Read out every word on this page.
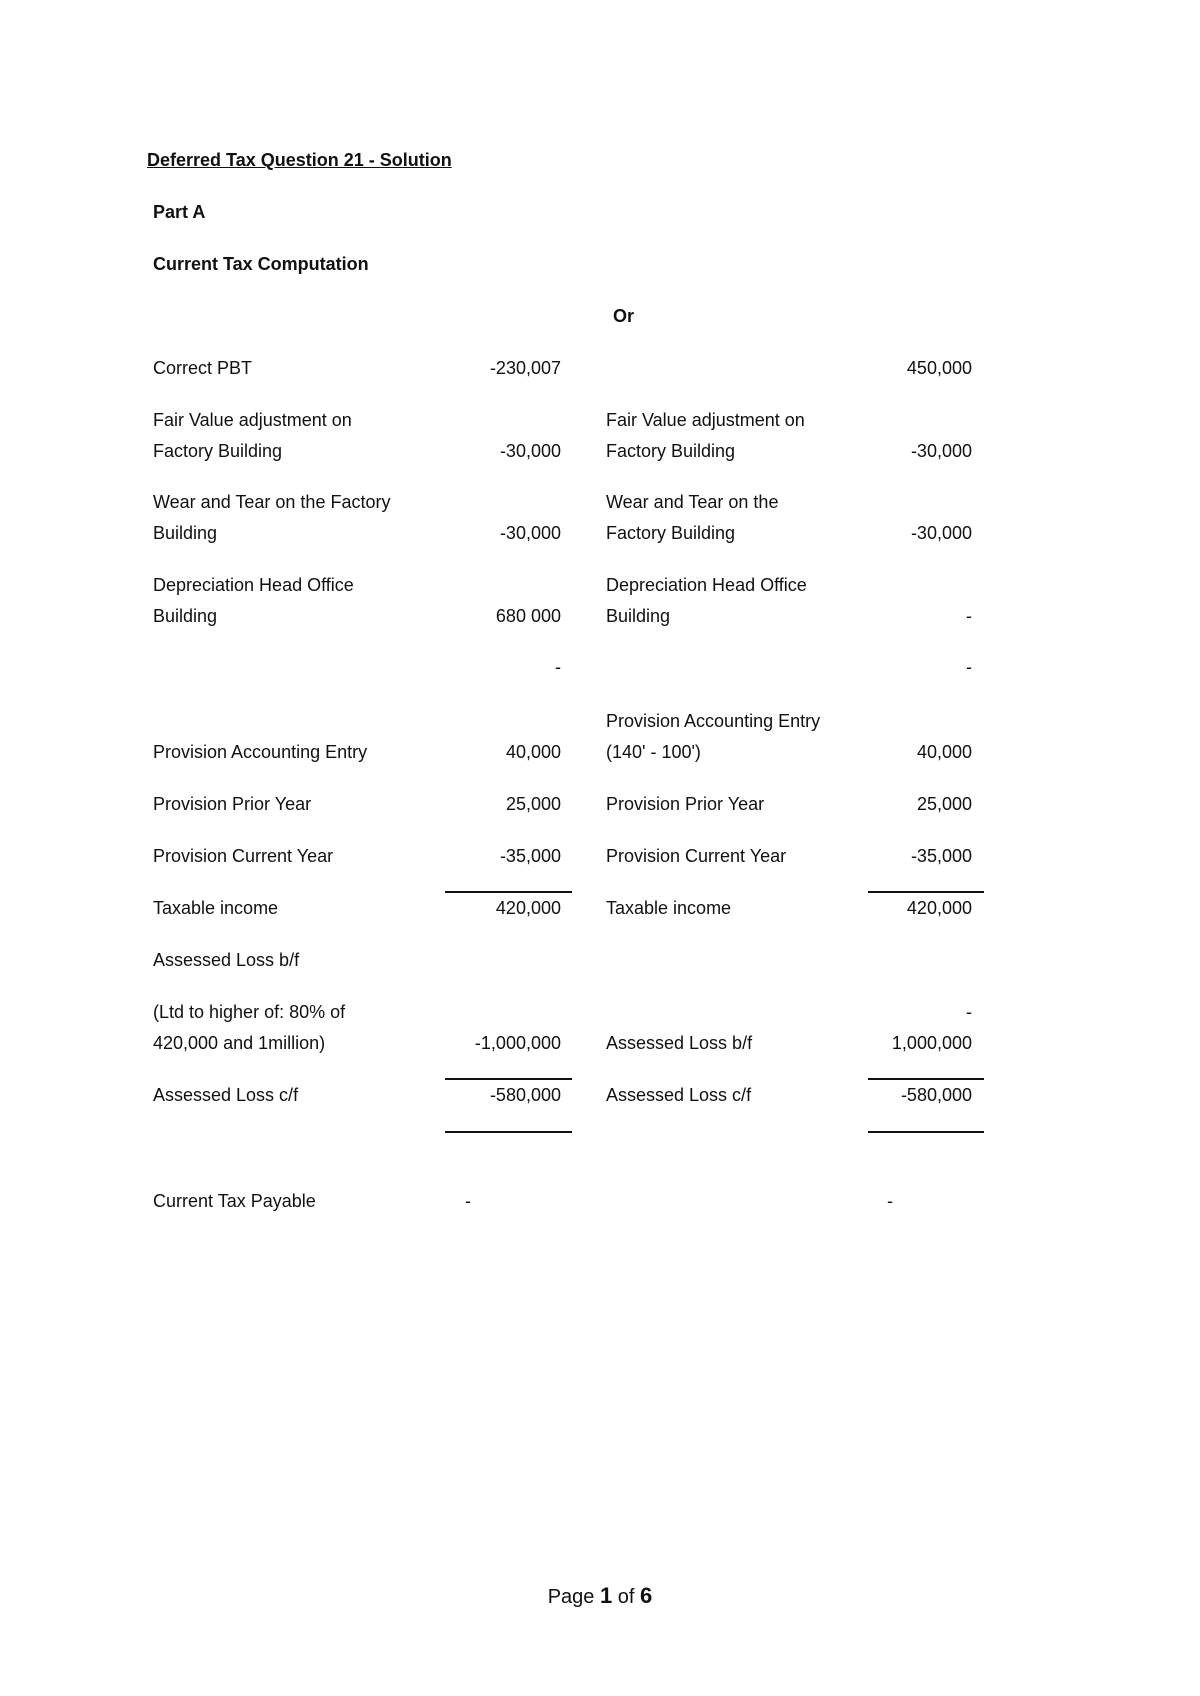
Deferred Tax Question 21 - Solution
Part A
Current Tax Computation
Or
Correct PBT
Fair Value adjustment on
Factory Building
Wear and Tear on the Factory
Building
Depreciation Head Office
Building
Provision Accounting Entry
Provision Prior Year
Provision Current Year
Taxable income
Assessed Loss b/f
(Ltd to higher of: 80% of
420,000 and 1million)
Assessed Loss c/f
Current Tax Payable
-230,007
-30,000
-30,000
680 000
-
40,000
25,000
-35,000
420,000
-1,000,000
-580,000
-
Fair Value adjustment on
Factory Building
Wear and Tear on the
Factory Building
Depreciation Head Office
Building
Provision Accounting Entry
(140' - 100')
Provision Prior Year
Provision Current Year
Taxable income
Assessed Loss b/f
Assessed Loss c/f
450,000
-30,000
-30,000
-
-
40,000
25,000
-35,000
420,000
-
1,000,000
-580,000
-
Page 1 of 6
